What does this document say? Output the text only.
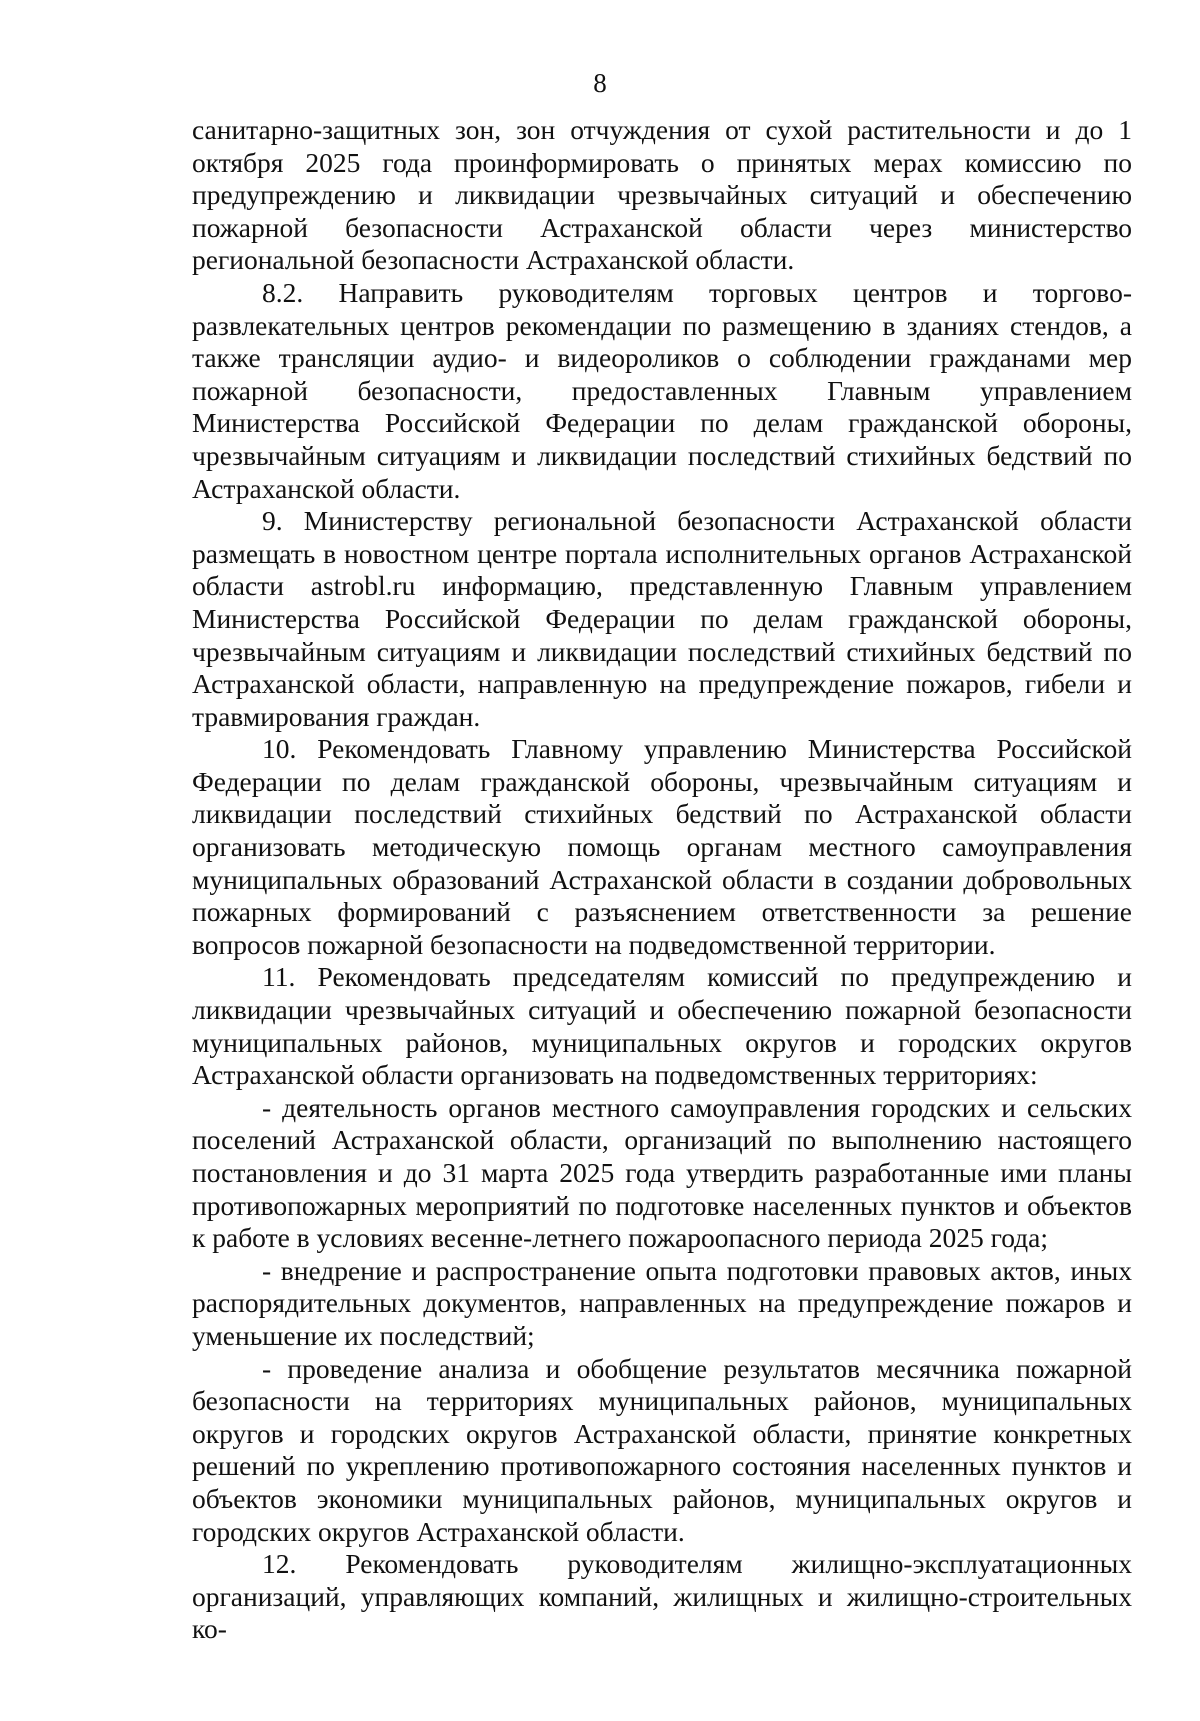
8

санитарно-защитных зон, зон отчуждения от сухой растительности и до 1 октября 2025 года проинформировать о принятых мерах комиссию по предупреждению и ликвидации чрезвычайных ситуаций и обеспечению пожарной безопасности Астраханской области через министерство региональной безопасности Астраханской области.

8.2. Направить руководителям торговых центров и торгово-развлекательных центров рекомендации по размещению в зданиях стендов, а также трансляции аудио- и видеороликов о соблюдении гражданами мер пожарной безопасности, предоставленных Главным управлением Министерства Российской Федерации по делам гражданской обороны, чрезвычайным ситуациям и ликвидации последствий стихийных бедствий по Астраханской области.

9. Министерству региональной безопасности Астраханской области размещать в новостном центре портала исполнительных органов Астраханской области astrobl.ru информацию, представленную Главным управлением Министерства Российской Федерации по делам гражданской обороны, чрезвычайным ситуациям и ликвидации последствий стихийных бедствий по Астраханской области, направленную на предупреждение пожаров, гибели и травмирования граждан.

10. Рекомендовать Главному управлению Министерства Российской Федерации по делам гражданской обороны, чрезвычайным ситуациям и ликвидации последствий стихийных бедствий по Астраханской области организовать методическую помощь органам местного самоуправления муниципальных образований Астраханской области в создании добровольных пожарных формирований с разъяснением ответственности за решение вопросов пожарной безопасности на подведомственной территории.

11. Рекомендовать председателям комиссий по предупреждению и ликвидации чрезвычайных ситуаций и обеспечению пожарной безопасности муниципальных районов, муниципальных округов и городских округов Астраханской области организовать на подведомственных территориях:

- деятельность органов местного самоуправления городских и сельских поселений Астраханской области, организаций по выполнению настоящего постановления и до 31 марта 2025 года утвердить разработанные ими планы противопожарных мероприятий по подготовке населенных пунктов и объектов к работе в условиях весенне-летнего пожароопасного периода 2025 года;

- внедрение и распространение опыта подготовки правовых актов, иных распорядительных документов, направленных на предупреждение пожаров и уменьшение их последствий;

- проведение анализа и обобщение результатов месячника пожарной безопасности на территориях муниципальных районов, муниципальных округов и городских округов Астраханской области, принятие конкретных решений по укреплению противопожарного состояния населенных пунктов и объектов экономики муниципальных районов, муниципальных округов и городских округов Астраханской области.

12. Рекомендовать руководителям жилищно-эксплуатационных организаций, управляющих компаний, жилищных и жилищно-строительных ко-
